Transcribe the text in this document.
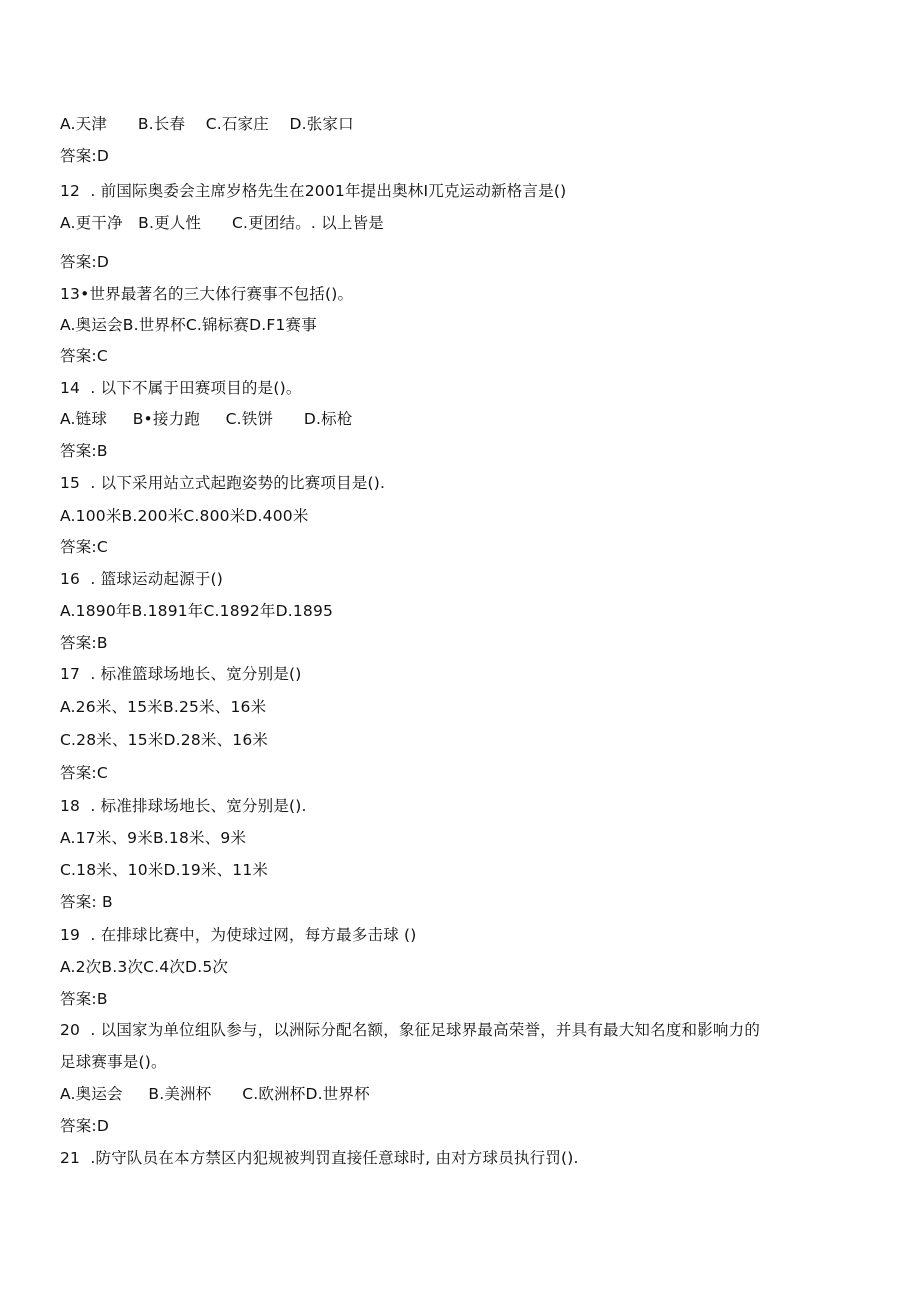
A.天津      B.长春    C.石家庄    D.张家口
答案:D
12  . 前国际奥委会主席岁格先生在2001年提出奥林I兀克运动新格言是()
A.更干净   B.更人性      C.更团结。. 以上皆是
答案:D
13•世界最著名的三大体行赛事不包括()。
A.奥运会B.世界杯C.锦标赛D.F1赛事
答案:C
14  . 以下不属于田赛项目的是()。
A.链球     B•接力跑     C.铁饼      D.标枪
答案:B
15  . 以下采用站立式起跑姿势的比赛项目是().
A.100米B.200米C.800米D.400米
答案:C
16  . 篮球运动起源于()
A.1890年B.1891年C.1892年D.1895
答案:B
17  . 标准篮球场地长、宽分别是()
A.26米、15米B.25米、16米
C.28米、15米D.28米、16米
答案:C
18  . 标准排球场地长、宽分别是().
A.17米、9米B.18米、9米
C.18米、10米D.19米、11米
答案: B
19  . 在排球比赛中，为使球过网，每方最多击球 ()
A.2次B.3次C.4次D.5次
答案:B
20  . 以国家为单位组队参与，以洲际分配名额，象征足球界最高荣誉，并具有最大知名度和影响力的
足球赛事是()。
A.奥运会     B.美洲杯      C.欧洲杯D.世界杯
答案:D
21  .防守队员在本方禁区内犯规被判罚直接任意球时, 由对方球员执行罚().
